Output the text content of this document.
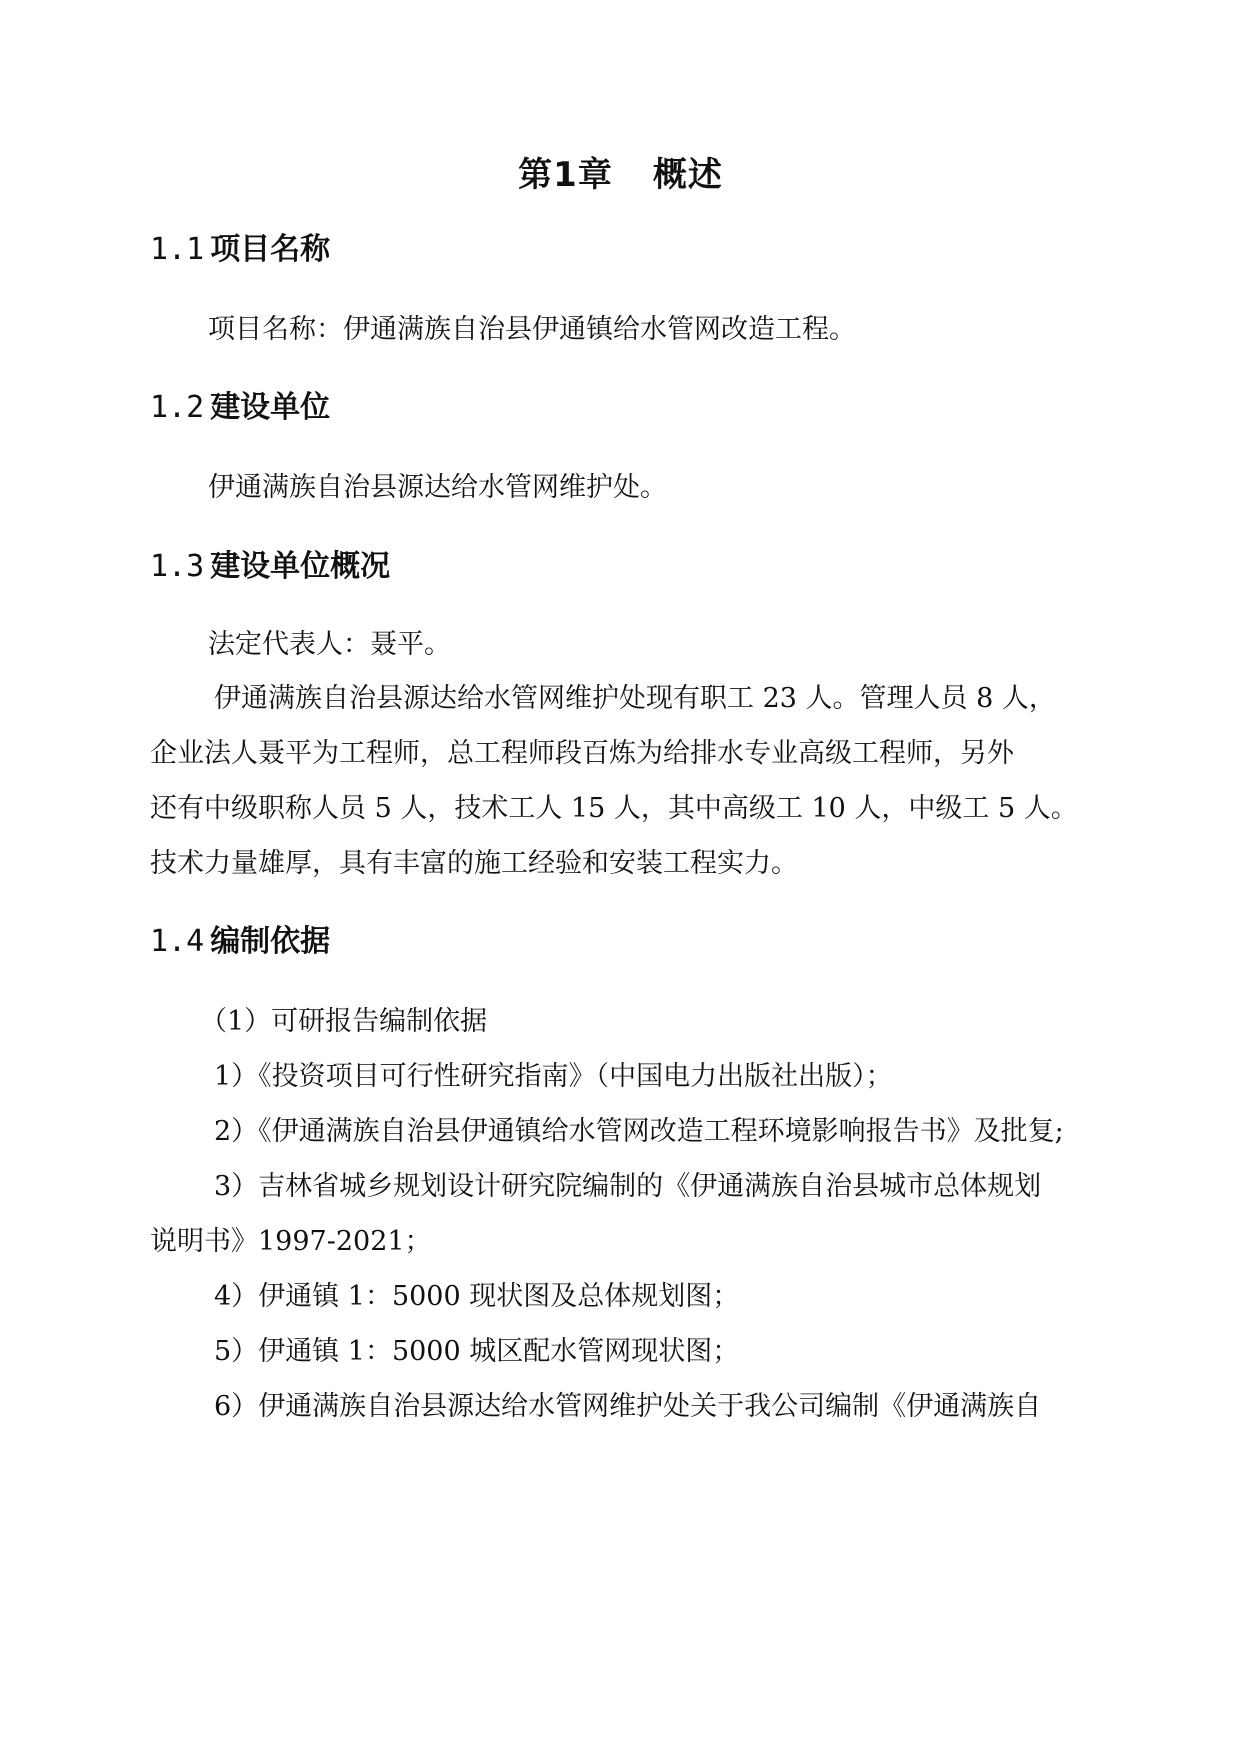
第1章 概述
1.1 项目名称
项目名称：伊通满族自治县伊通镇给水管网改造工程。
1.2 建设单位
伊通满族自治县源达给水管网维护处。
1.3 建设单位概况
法定代表人：聂平。
伊通满族自治县源达给水管网维护处现有职工 23 人。管理人员 8 人，
企业法人聂平为工程师，总工程师段百炼为给排水专业高级工程师，另外
还有中级职称人员 5 人，技术工人 15 人，其中高级工 10 人，中级工 5 人。
技术力量雄厚，具有丰富的施工经验和安装工程实力。
1.4 编制依据
（1）可研报告编制依据
1）《投资项目可行性研究指南》（中国电力出版社出版）；
2）《伊通满族自治县伊通镇给水管网改造工程环境影响报告书》及批复;
3）吉林省城乡规划设计研究院编制的《伊通满族自治县城市总体规划
说明书》1997-2021；
4）伊通镇 1：5000 现状图及总体规划图；
5）伊通镇 1：5000 城区配水管网现状图；
6）伊通满族自治县源达给水管网维护处关于我公司编制《伊通满族自
